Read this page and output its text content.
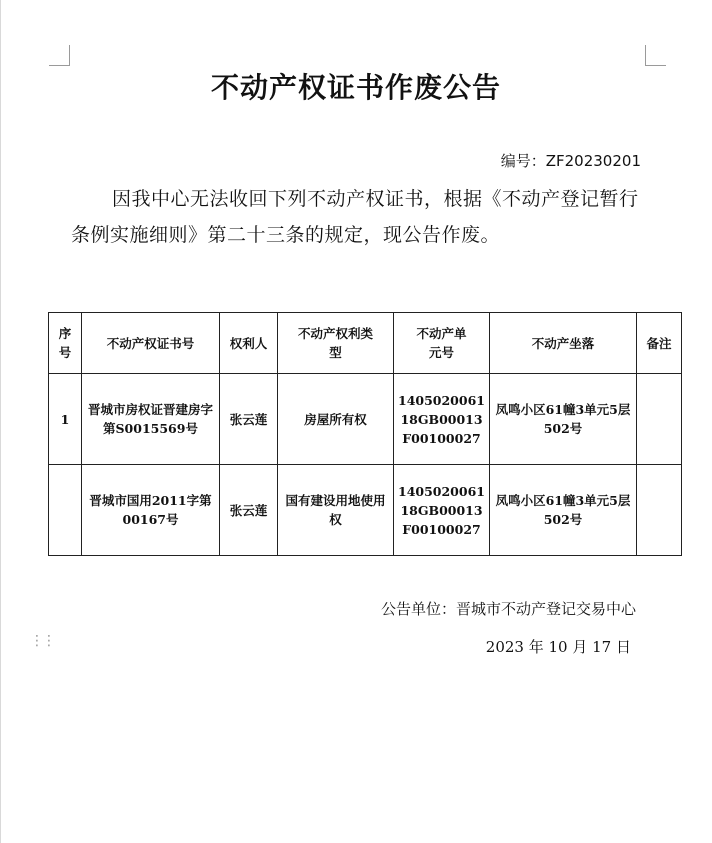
不动产权证书作废公告
编号：ZF20230201
因我中心无法收回下列不动产权证书，根据《不动产登记暂行条例实施细则》第二十三条的规定，现公告作废。
序号	不动产权证书号	权利人	不动产权利类型	不动产单元号	不动产坐落	备注
1	晋城市房权证晋建房字第S0015569号	张云莲	房屋所有权	140502006118GB00013F00100027	凤鸣小区61幢3单元5层502号	
	晋城市国用2011字第00167号	张云莲	国有建设用地使用权	140502006118GB00013F00100027	凤鸣小区61幢3单元5层502号	
公告单位：晋城市不动产登记交易中心
⋮⋮	2023 年 10 月 17 日
